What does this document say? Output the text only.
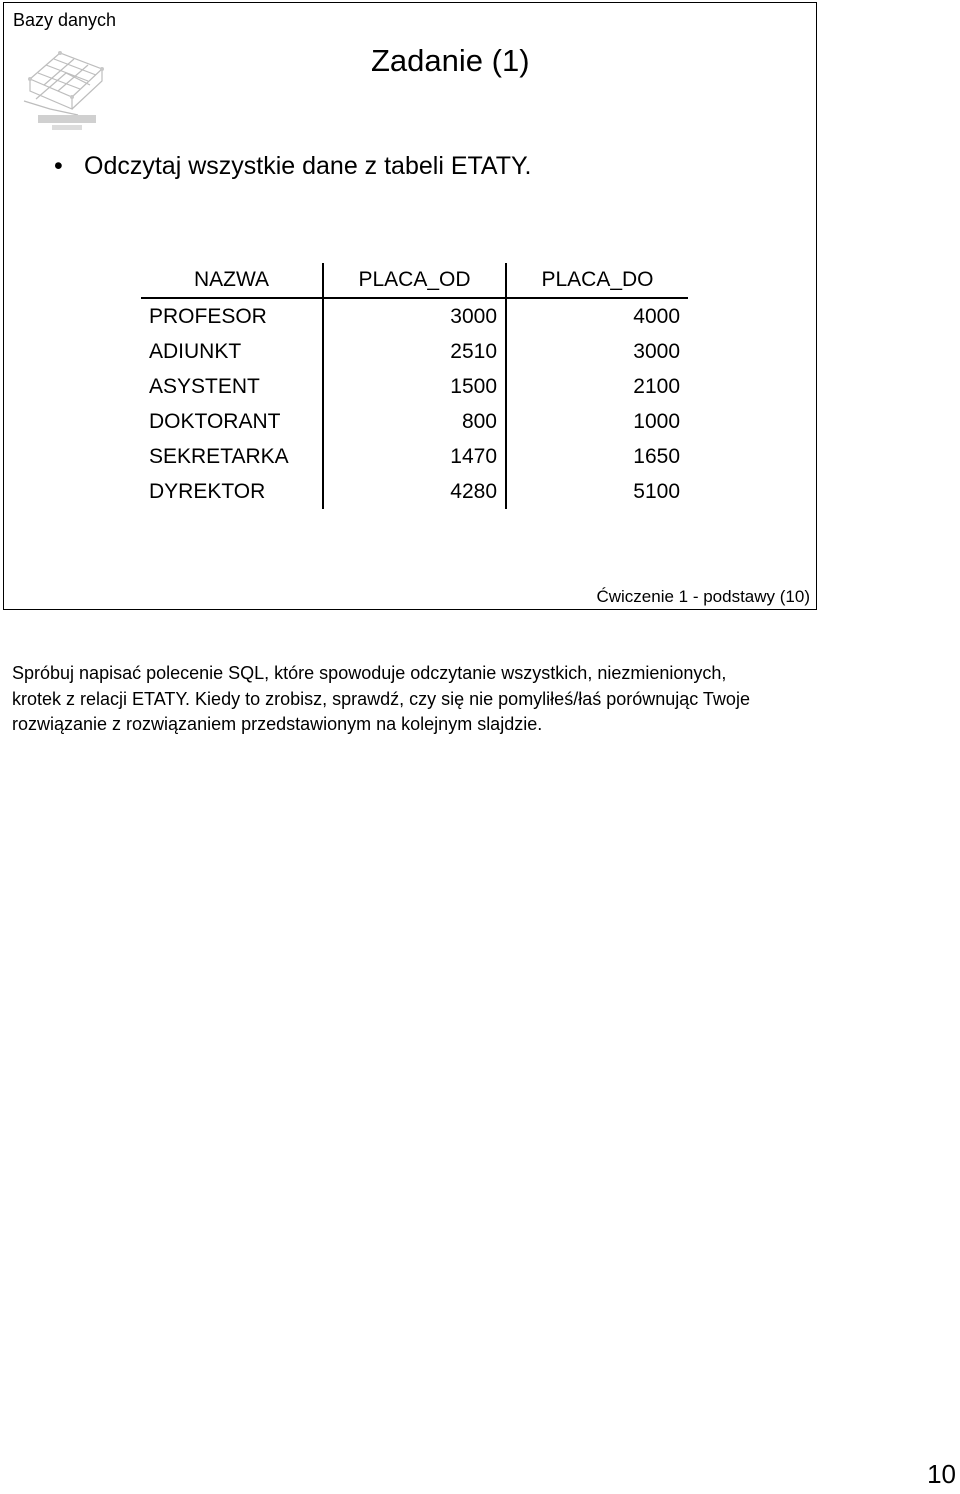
Bazy danych
Zadanie (1)
• Odczytaj wszystkie dane z tabeli ETATY.
NAZWA	PLACA_OD	PLACA_DO
PROFESOR	3000	4000
ADIUNKT	2510	3000
ASYSTENT	1500	2100
DOKTORANT	800	1000
SEKRETARKA	1470	1650
DYREKTOR	4280	5100
Ćwiczenie 1 - podstawy (10)
Spróbuj napisać polecenie SQL, które spowoduje odczytanie wszystkich, niezmienionych, krotek z relacji ETATY. Kiedy to zrobisz, sprawdź, czy się nie pomyliłeś/łaś porównując Twoje rozwiązanie z rozwiązaniem przedstawionym na kolejnym slajdzie.
10
